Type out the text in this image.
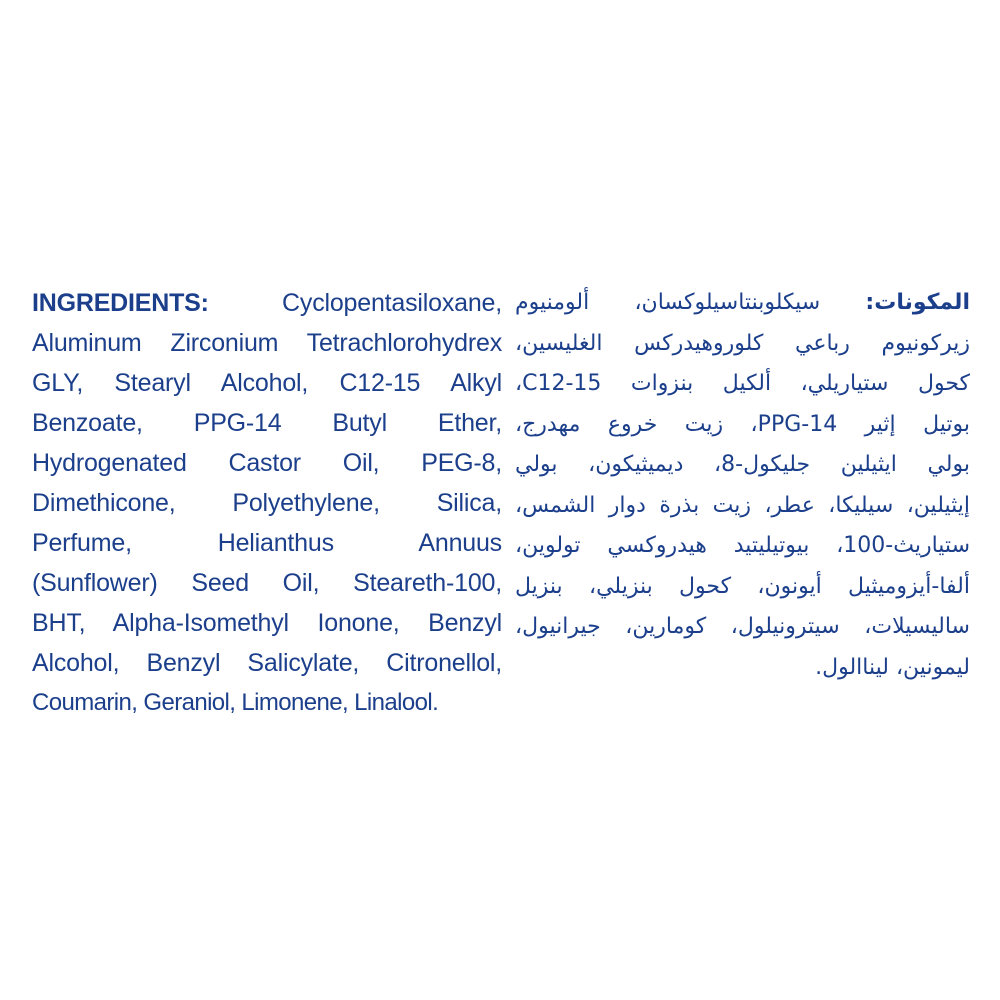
INGREDIENTS:	Cyclopentasiloxane,
Aluminum Zirconium Tetrachlorohydrex
GLY, Stearyl Alcohol, C12-15 Alkyl
Benzoate, PPG-14 Butyl Ether,
Hydrogenated Castor Oil, PEG-8,
Dimethicone, Polyethylene, Silica,
Perfume, Helianthus Annuus
(Sunflower) Seed Oil, Steareth-100,
BHT, Alpha-Isomethyl Ionone, Benzyl
Alcohol, Benzyl Salicylate, Citronellol,
Coumarin, Geraniol, Limonene, Linalool.
المكونات: سيكلوبنتاسيلوكسان، ألومنيوم
زيركونيوم رباعي كلوروهيدركس الغليسين،
كحول ستياريلي، ألكيل بنزوات C12-15،
بوتيل إثير PPG-14، زيت خروع مهدرج،
بولي ايثيلين جليكول-8، ديميثيكون، بولي
إيثيلين، سيليكا، عطر، زيت بذرة دوار الشمس،
ستياريث-100، بيوتيليتيد هيدروكسي تولوين،
ألفا-أيزوميثيل أيونون، كحول بنزيلي، بنزيل
ساليسيلات، سيترونيلول، كومارين، جيرانيول،
ليمونين، ليناالول.
